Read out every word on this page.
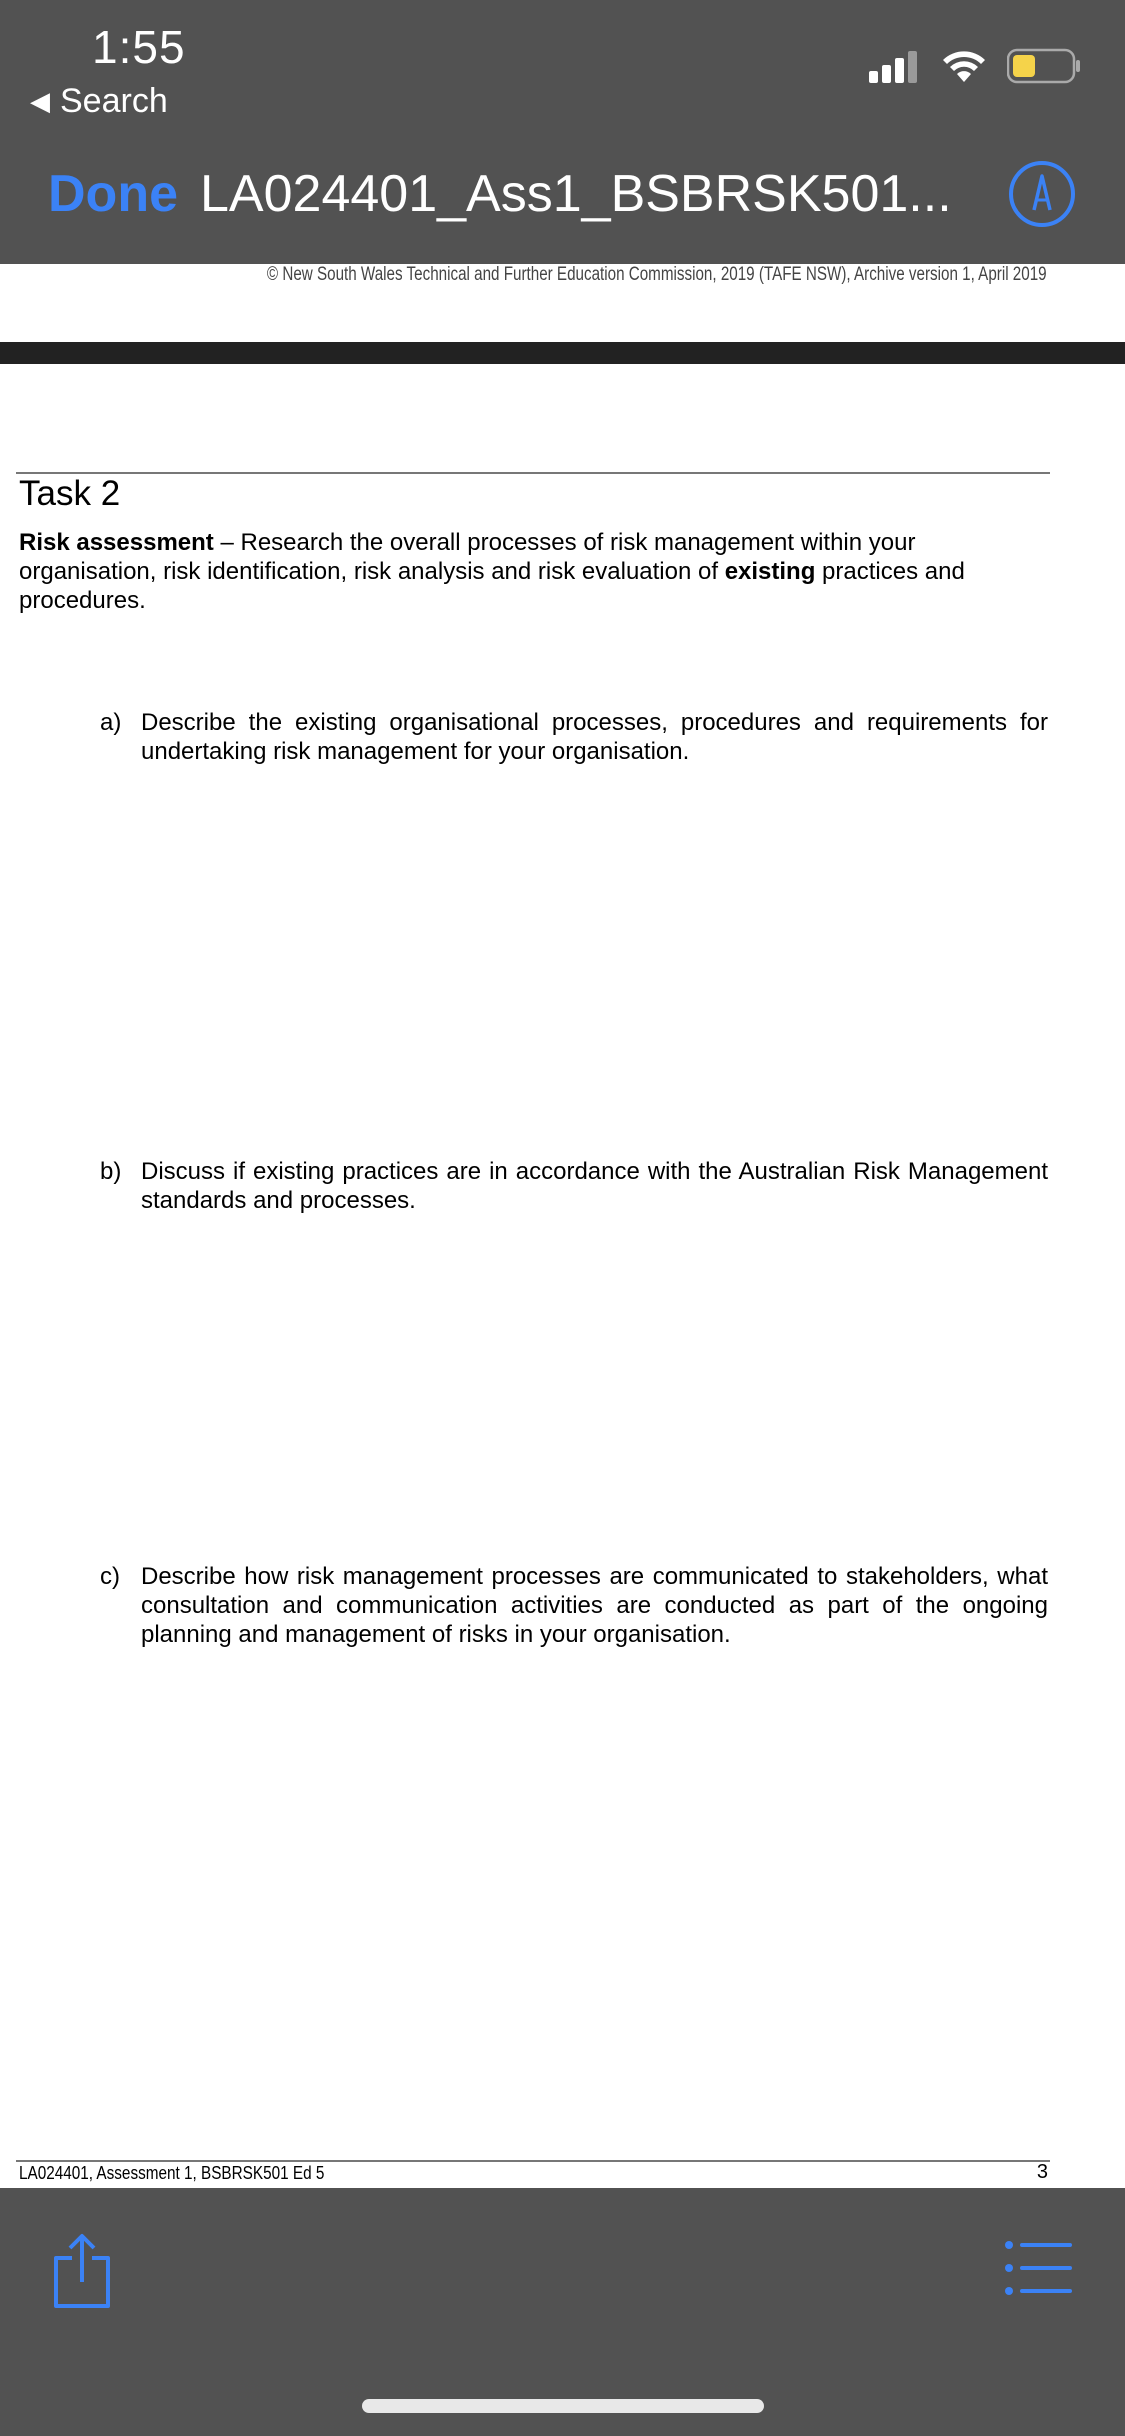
1:55
◀ Search
Done LA024401_Ass1_BSBRSK501...
© New South Wales Technical and Further Education Commission, 2019 (TAFE NSW), Archive version 1, April 2019
Task 2
Risk assessment – Research the overall processes of risk management within your organisation, risk identification, risk analysis and risk evaluation of existing practices and procedures.
a) Describe the existing organisational processes, procedures and requirements for undertaking risk management for your organisation.
b) Discuss if existing practices are in accordance with the Australian Risk Management standards and processes.
c) Describe how risk management processes are communicated to stakeholders, what consultation and communication activities are conducted as part of the ongoing planning and management of risks in your organisation.
LA024401, Assessment 1, BSBRSK501 Ed 5	3
